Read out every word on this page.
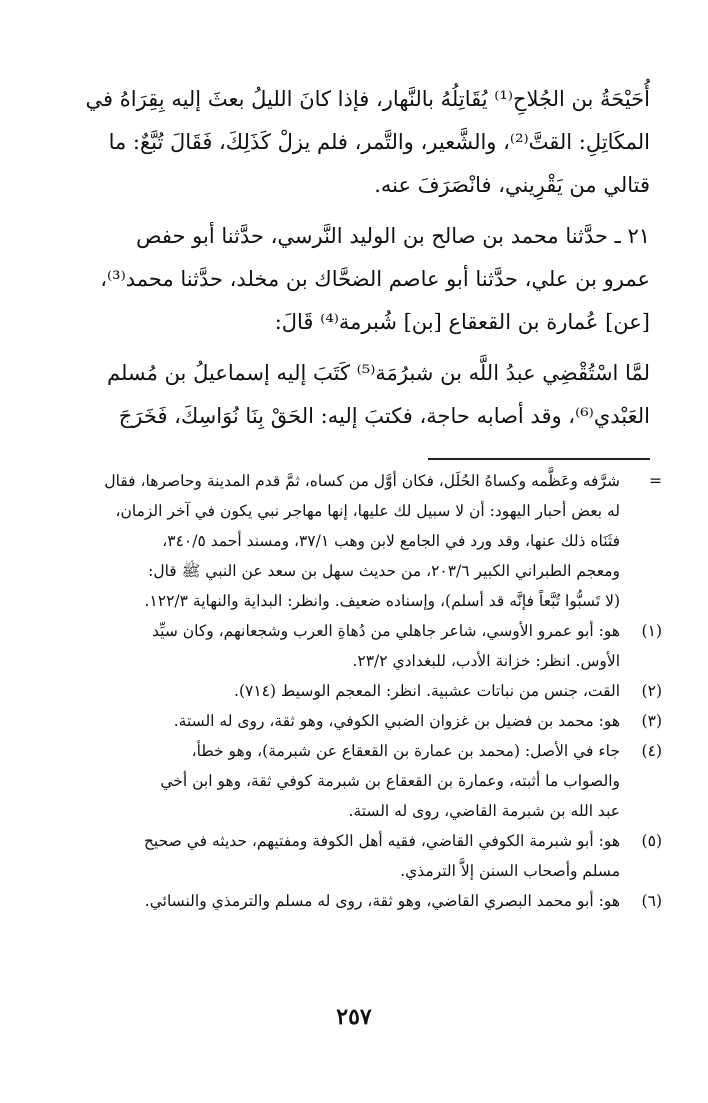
أُحَيْحَةُ بن الجُلاحِ⁽¹⁾ يُقَاتِلُهُ بالنَّهار، فإذا كانَ الليلُ بعثَ إليه بِقِرَاهُ في
المكَاتِلِ: القتَّ⁽²⁾، والشَّعير، والتَّمر، فلم يزلْ كَذَلِكَ، فَقَالَ تُبَّعٌ: ما
قتالي من يَقْرِيني، فانْصَرَفَ عنه.

٢١ ـ حدَّثنا محمد بن صالح بن الوليد النَّرسي، حدَّثنا أبو حفص
عمرو بن علي، حدَّثنا أبو عاصم الضحَّاك بن مخلد، حدَّثنا محمد⁽³⁾،
[عن] عُمارة بن القعقاع [بن] شُبرمة⁽⁴⁾ قَالَ:

لمَّا اسْتُقْضِي عبدُ اللَّه بن شبرُمَة⁽⁵⁾ كَتَبَ إليه إسماعيلُ بن مُسلم
العَبْدي⁽⁶⁾، وقد أصابه حاجة، فكتبَ إليه: الحَقْ بِنَا نُوَاسِكَ، فَخَرَجَ

=

شرَّفه وعَظَّمه وكساهُ الحُلَل، فكان أوَّل من كساه، ثمَّ قدم المدينة وحاصرها، فقال

له بعض أحبار اليهود: أن لا سبيل لك عليها، إنها مهاجر نبي يكون في آخر الزمان،

فثَنَاه ذلك عنها، وقد ورد في الجامع لابن وهب ٣٧/١، ومسند أحمد ٣٤٠/٥،

ومعجم الطبراني الكبير ٢٠٣/٦، من حديث سهل بن سعد عن النبي ﷺ قال:

(لا تَسبُّوا تُبَّعاً فإنَّه قد أسلم)، وإسناده ضعيف. وانظر: البداية والنهاية ١٢٢/٣.

(١)

هو: أبو عمرو الأوسي، شاعر جاهلي من دُهاةِ العرب وشجعانهم، وكان سيِّد

الأوس. انظر: خزانة الأدب، للبغدادي ٢٣/٢.

(٢)

القت، جنس من نباتات عشبية. انظر: المعجم الوسيط (٧١٤).

(٣)

هو: محمد بن فضيل بن غزوان الضبي الكوفي، وهو ثقة، روى له الستة.

(٤)

جاء في الأصل: (محمد بن عمارة بن القعقاع عن شبرمة)، وهو خطأ،

والصواب ما أثبته، وعمارة بن القعقاع بن شبرمة كوفي ثقة، وهو ابن أخي

عبد الله بن شبرمة القاضي، روى له الستة.

(٥)

هو: أبو شبرمة الكوفي القاضي، فقيه أهل الكوفة ومفتيهم، حديثه في صحيح

مسلم وأصحاب السنن إلاَّ الترمذي.

(٦)

هو: أبو محمد البصري القاضي، وهو ثقة، روى له مسلم والترمذي والنسائي.

٢٥٧
